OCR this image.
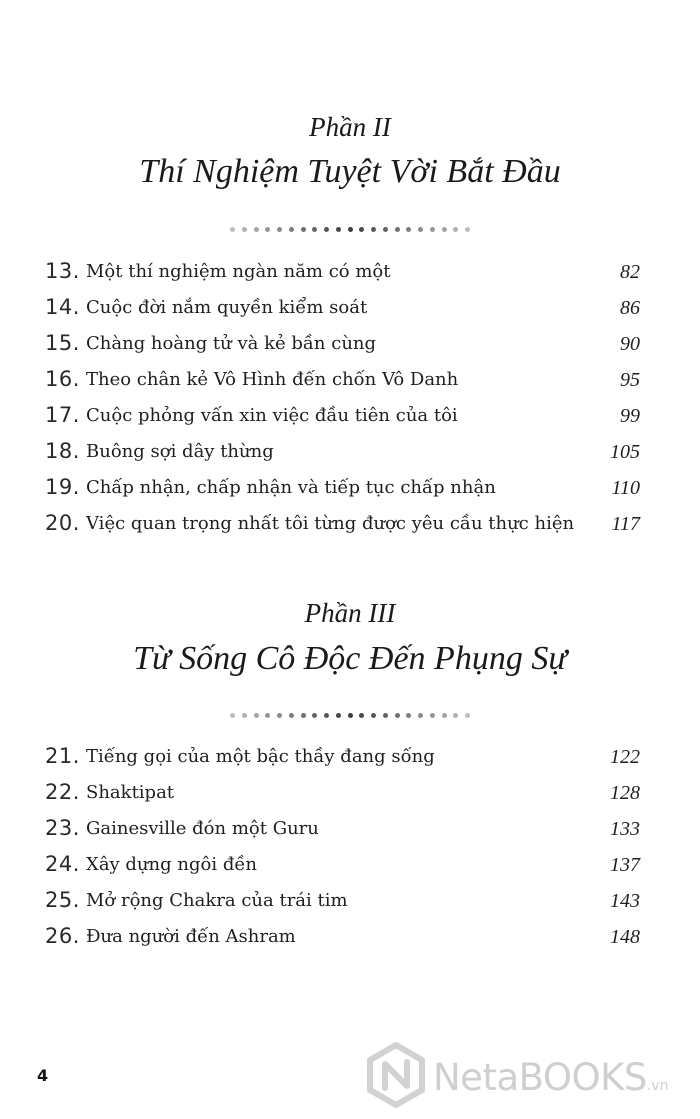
Phần II
Thí Nghiệm Tuyệt Vời Bắt Đầu
13. Một thí nghiệm ngàn năm có một	82
14. Cuộc đời nắm quyền kiểm soát	86
15. Chàng hoàng tử và kẻ bần cùng	90
16. Theo chân kẻ Vô Hình đến chốn Vô Danh	95
17. Cuộc phỏng vấn xin việc đầu tiên của tôi	99
18. Buông sợi dây thừng	105
19. Chấp nhận, chấp nhận và tiếp tục chấp nhận	110
20. Việc quan trọng nhất tôi từng được yêu cầu thực hiện 117
Phần III
Từ Sống Cô Độc Đến Phụng Sự
21. Tiếng gọi của một bậc thầy đang sống	122
22. Shaktipat	128
23. Gainesville đón một Guru	133
24. Xây dựng ngôi đền	137
25. Mở rộng Chakra của trái tim	143
26. Đưa người đến Ashram	148
4	NetaBOOKS.vn
